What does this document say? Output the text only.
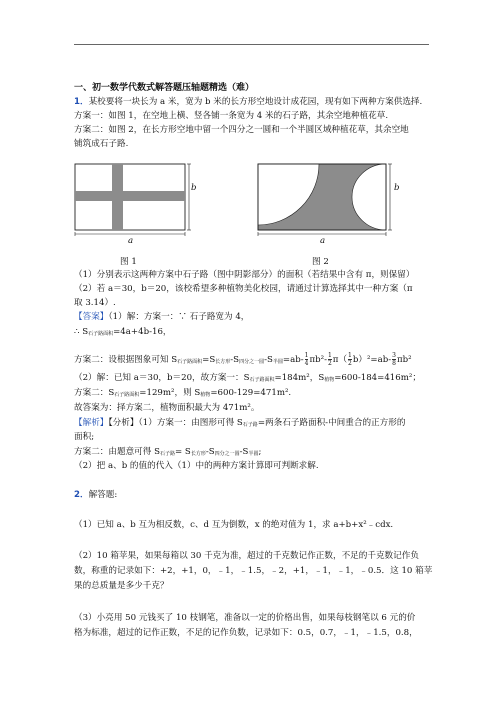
一、初一数学代数式解答题压轴题精选（难）
1．某校要将一块长为 a 米，宽为 b 米的长方形空地设计成花园，现有如下两种方案供选择.
方案一：如图 1，在空地上横、竖各铺一条宽为 4 米的石子路，其余空地种植花草.
方案二：如图 2，在长方形空地中留一个四分之一圆和一个半圆区域种植花草，其余空地
铺筑成石子路.
b
a
图 1
b
a
图 2
（1）分别表示这两种方案中石子路（图中阴影部分）的面积（若结果中含有 π，则保留）
（2）若 a＝30，b＝20，该校希望多种植物美化校园，请通过计算选择其中一种方案（π
取 3.14）.
【答案】（1）解：方案一：∵ 石子路宽为 4，
∴ $S_{石子路面积}=4a+4b-16$，
方案二：设根据图象可知 $S_{石子路面积}=S_{长方形}-S_{四分之一圆}-S_{半圆}=ab- \frac{1}{4} \pi b^2- \frac{1}{2} \pi( \frac{1}{2} b)^2=ab- \frac{3}{8} \pi b^2$
（2）解：已知 a＝30，b＝20，故方案一：$S_{石子路面积}=184m^2$，$S_{植物}=600-184=416m^2$；
方案二：$S_{石子路面积}=129m^2$，则 $S_{植物}=600-129=471m^2$.
故答案为：择方案二，植物面积最大为 471m²。
【解析】【分析】（1）方案一：由图形可得 $S_{石子路}=$两条石子路面积-中间重合的正方形的
面积;
方案二：由题意可得 $S_{石子路}= S_{长方形}-S_{四分之一圆}-S_{半圆}$;
（2）把 a、b 的值的代入（1）中的两种方案计算即可判断求解.
2．解答题:
（1）已知 a、b 互为相反数，c、d 互为倒数，x 的绝对值为 1，求 a+b+x²﹣cdx.
（2）10 箱苹果，如果每箱以 30 千克为准，超过的千克数记作正数，不足的千克数记作负
数，称重的记录如下：+2，+1，0，﹣1，﹣1.5，﹣2，+1，﹣1，﹣1，﹣0.5．这 10 箱苹
果的总质量是多少千克？
（3）小亮用 50 元钱买了 10 枝钢笔，准备以一定的价格出售，如果每枝钢笔以 6 元的价
格为标准，超过的记作正数，不足的记作负数，记录如下：0.5，0.7，﹣1，﹣1.5，0.8，
